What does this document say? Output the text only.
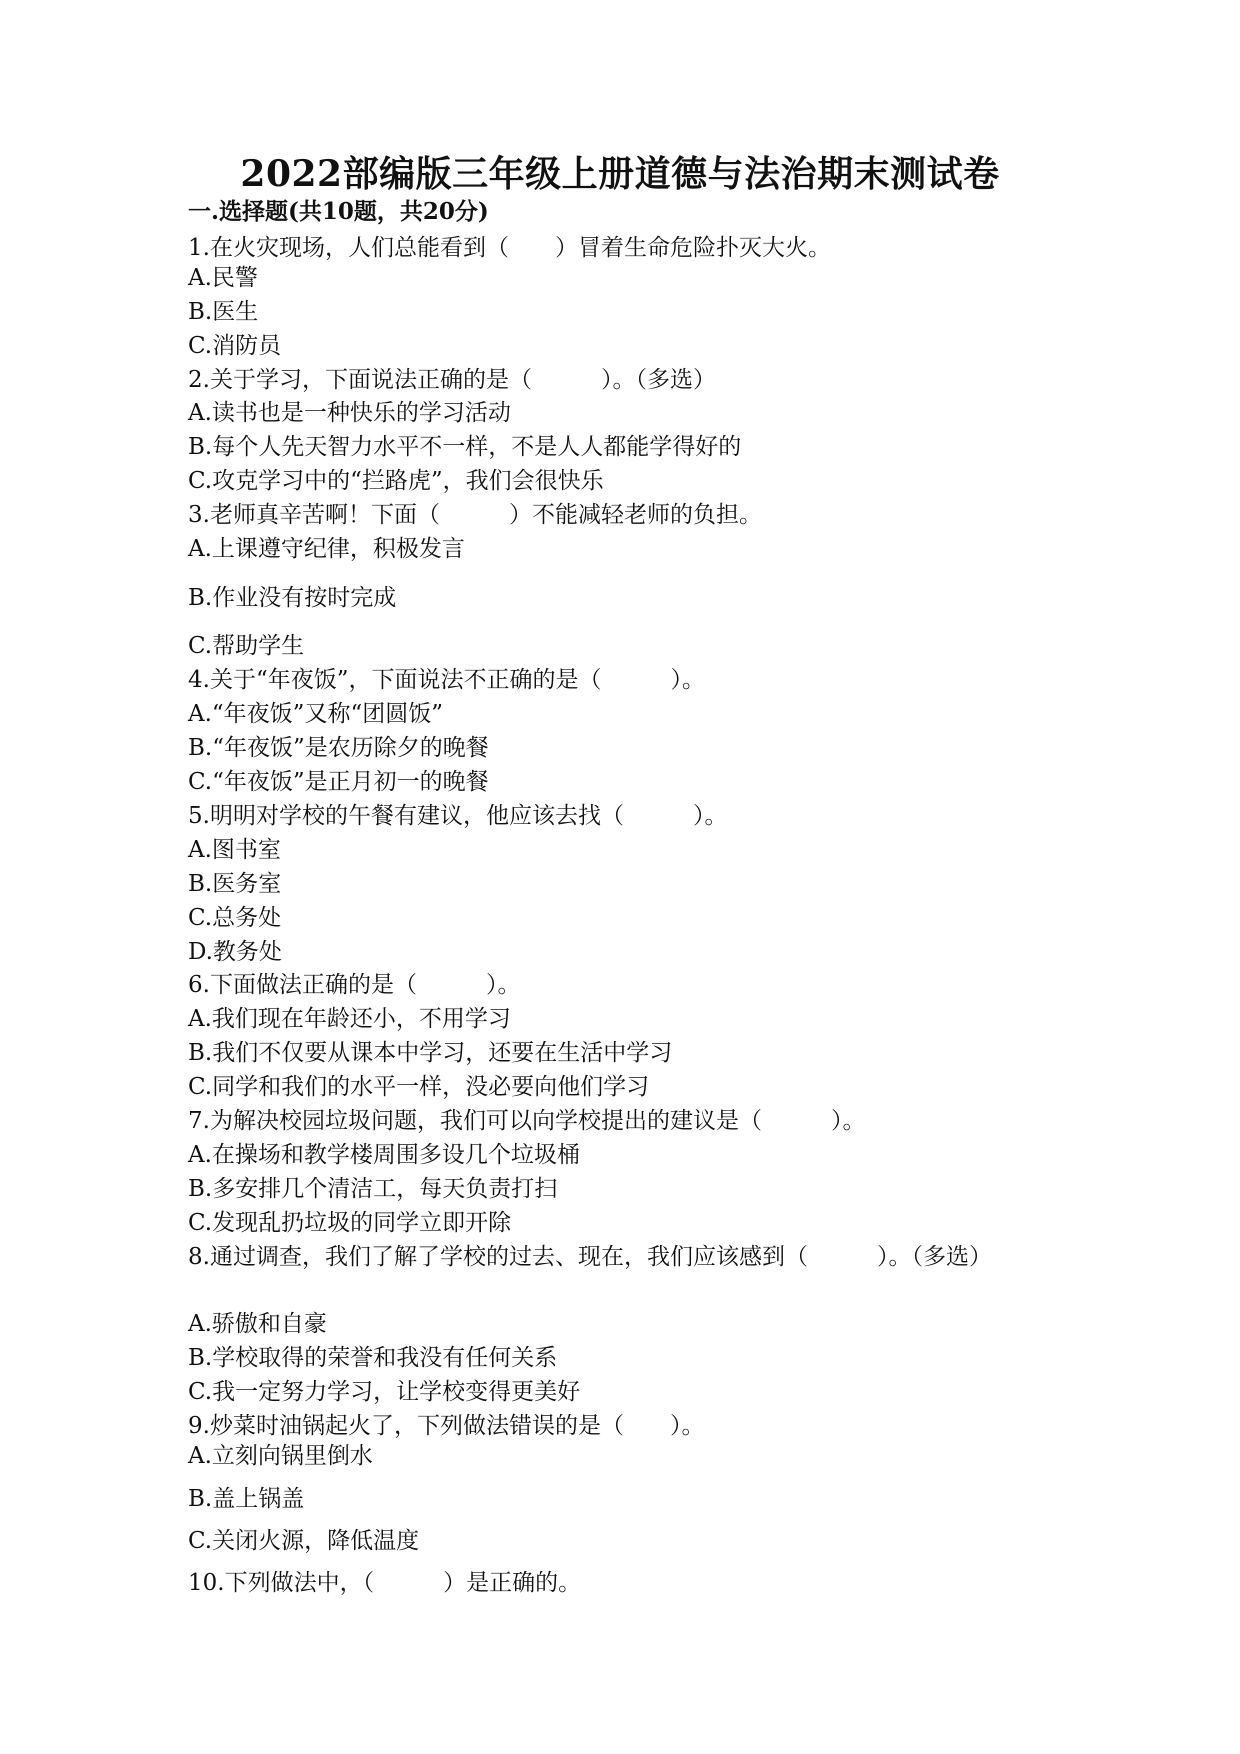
2022部编版三年级上册道德与法治期末测试卷
一.选择题(共10题，共20分)
1.在火灾现场，人们总能看到（　　）冒着生命危险扑灭大火。
A.民警
B.医生
C.消防员
2.关于学习，下面说法正确的是（　　　）。（多选）
A.读书也是一种快乐的学习活动
B.每个人先天智力水平不一样，不是人人都能学得好的
C.攻克学习中的“拦路虎”，我们会很快乐
3.老师真辛苦啊！下面（　　　）不能减轻老师的负担。
A.上课遵守纪律，积极发言
B.作业没有按时完成
C.帮助学生
4.关于“年夜饭”，下面说法不正确的是（　　　）。
A.“年夜饭”又称“团圆饭”
B.“年夜饭”是农历除夕的晚餐
C.“年夜饭”是正月初一的晚餐
5.明明对学校的午餐有建议，他应该去找（　　　）。
A.图书室
B.医务室
C.总务处
D.教务处
6.下面做法正确的是（　　　）。
A.我们现在年龄还小，不用学习
B.我们不仅要从课本中学习，还要在生活中学习
C.同学和我们的水平一样，没必要向他们学习
7.为解决校园垃圾问题，我们可以向学校提出的建议是（　　　）。
A.在操场和教学楼周围多设几个垃圾桶
B.多安排几个清洁工，每天负责打扫
C.发现乱扔垃圾的同学立即开除
8.通过调查，我们了解了学校的过去、现在，我们应该感到（　　　）。（多选）
A.骄傲和自豪
B.学校取得的荣誉和我没有任何关系
C.我一定努力学习，让学校变得更美好
9.炒菜时油锅起火了，下列做法错误的是（　　）。
A.立刻向锅里倒水
B.盖上锅盖
C.关闭火源，降低温度
10.下列做法中，（　　　）是正确的。
